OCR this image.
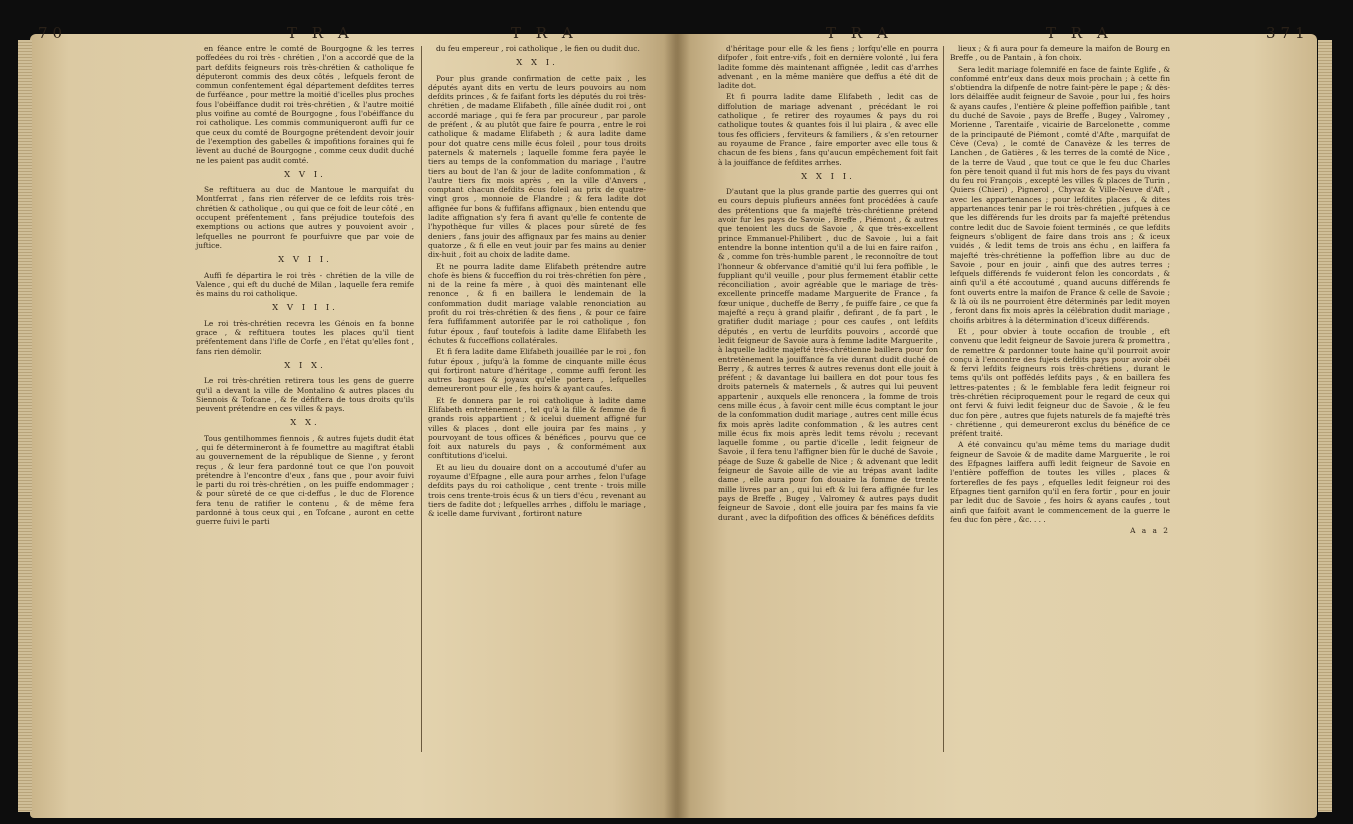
70	T R A	T R A	T R A	T R A	371

en féance entre le comté de Bourgogne & les terres poffedées du roi très - chrétien , l'on a accordé que de la part defdits feigneurs rois très-chrétien & catholique fe députeront commis des deux côtés , lefquels feront de commun confentement égal département defdites terres de furféance , pour mettre la moitié d'icelles plus proches fous l'obéiffance dudit roi très-chrétien , & l'autre moitié plus voifine au comté de Bourgogne , fous l'obéiffance du roi catholique. Les commis communiqueront auffi fur ce que ceux du comté de Bourgogne prétendent devoir jouir de l'exemption des gabelles & impofitions foraines qui fe lèvent au duché de Bourgogne , comme ceux dudit duché ne les paient pas audit comté.

X V I.

Se reftituera au duc de Mantoue le marquifat du Montferrat , fans rien réferver de ce lefdits rois très-chrétien & catholique , ou qui que ce foit de leur côté , en occupent préfentement , fans préjudice toutefois des exemptions ou actions que autres y pouvoient avoir , lefquelles ne pourront fe pourfuivre que par voie de juftice.

X V I I.

Auffi fe départira le roi très - chrétien de la ville de Valence , qui eft du duché de Milan , laquelle fera remife ès mains du roi catholique.

X V I I I.

Le roi très-chrétien recevra les Génois en fa bonne grace , & reftituera toutes les places qu'il tient préfentement dans l'ifle de Corfe , en l'état qu'elles font , fans rien démolir.

X I X.

Le roi très-chrétien retirera tous les gens de guerre qu'il a devant la ville de Montalino & autres places du Siennois & Tofcane , & fe défiftera de tous droits qu'ils peuvent prétendre en ces villes & pays.

X X.

Tous gentilhommes fiennois , & autres fujets dudit état , qui fe détermineront à fe foumettre au magiftrat établi au gouvernement de la république de Sienne , y feront reçus , & leur fera pardonné tout ce que l'on pouvoit prétendre à l'encontre d'eux , fans que , pour avoir fuivi le parti du roi très-chrétien , on les puiffe endommager ; & pour sûreté de ce que ci-deffus , le duc de Florence fera tenu de ratifier le contenu , & de même fera pardonné à tous ceux qui , en Tofcane , auront en cette guerre fuivi le parti

du feu empereur , roi catholique , le fien ou dudit duc.

X X I.

Pour plus grande confirmation de cette paix , les députés ayant dits en vertu de leurs pouvoirs au nom defdits princes , & fe faifant forts les députés du roi très-chrétien , de madame Elifabeth , fille aînée dudit roi , ont accordé mariage , qui fe fera par procureur , par parole de préfent , & au plutôt que faire fe pourra , entre le roi catholique & madame Elifabeth ; & aura ladite dame pour dot quatre cens mille écus foleil , pour tous droits paternels & maternels ; laquelle fomme fera payée le tiers au temps de la confommation du mariage , l'autre tiers au bout de l'an & jour de ladite confommation , & l'autre tiers fix mois après , en la ville d'Anvers , comptant chacun defdits écus foleil au prix de quatre-vingt gros , monnoie de Flandre ; & fera ladite dot affignée fur bons & fuffifans affignaux , bien entendu que ladite affignation s'y fera fi avant qu'elle fe contente de l'hypothèque fur villes & places pour sûreté de fes deniers , fans jouir des affignaux par fes mains au denier quatorze , & fi elle en veut jouir par fes mains au denier dix-huit , foit au choix de ladite dame.

Et ne pourra ladite dame Elifabeth prétendre autre chofe ès biens & fucceffion du roi très-chrétien fon père , ni de la reine fa mère , à quoi dès maintenant elle renonce , & fi en baillera le lendemain de la confommation dudit mariage valable renonciation au profit du roi très-chrétien & des fiens , & pour ce faire fera fuffifamment autorifée par le roi catholique , fon futur époux , fauf toutefois à ladite dame Elifabeth les échutes & fucceffions collatérales.

Et fi fera ladite dame Elifabeth jouaillée par le roi , fon futur époux , jufqu'à la fomme de cinquante mille écus qui forțiront nature d'héritage , comme auffi feront les autres bagues & joyaux qu'elle portera , lefquelles demeureront pour elle , fes hoirs & ayant caufes.

Et fe donnera par le roi catholique à ladite dame Elifabeth entretènement , tel qu'à la fille & femme de fi grands rois appartient ; & icelui duement affigné fur villes & places , dont elle jouira par fes mains , y pourvoyant de tous offices & bénéfices , pourvu que ce foit aux naturels du pays , & conformément aux conftitutions d'icelui.

Et au lieu du douaire dont on a accoutumé d'ufer au royaume d'Efpagne , elle aura pour arrhes , felon l'ufage defdits pays du roi catholique , cent trente - trois mille trois cens trente-trois écus & un tiers d'écu , revenant au tiers de fadite dot ; lefquelles arrhes , diffolu le mariage , & icelle dame furvivant , fortiront nature

d'héritage pour elle & les fiens ; lorfqu'elle en pourra difpofer , foit entre-vifs , foit en dernière volonté , lui fera ladite fomme dès maintenant affignée , ledit cas d'arrhes advenant , en la même manière que deffus a été dit de ladite dot.

Et fi pourra ladite dame Elifabeth , ledit cas de diffolution de mariage advenant , précédant le roi catholique , fe retirer des royaumes & pays du roi catholique toutes & quantes fois il lui plaira , & avec elle tous fes officiers , ferviteurs & familiers , & s'en retourner au royaume de France , faire emporter avec elle tous & chacun de fes biens , fans qu'aucun empêchement foit fait à la jouiffance de fefdites arrhes.

X X I I.

D'autant que la plus grande partie des guerres qui ont eu cours depuis plufieurs années font procédées à caufe des prétentions que fa majefté très-chrétienne prétend avoir fur les pays de Savoie , Breffe , Piémont , & autres que tenoient les ducs de Savoie , & que très-excellent prince Emmanuel-Philibert , duc de Savoie , lui a fait entendre la bonne intention qu'il a de lui en faire raifon , & , comme fon très-humble parent , le reconnoître de tout l'honneur & obfervance d'amitié qu'il lui fera poffible , le fuppliant qu'il veuille , pour plus fermement établir cette réconciliation , avoir agréable que le mariage de très-excellente princeffe madame Marguerite de France , fa fœur unique , ducheffe de Berry , fe puiffe faire , ce que fa majefté a reçu à grand plaifir , defirant , de fa part , le gratifier dudit mariage ; pour ces caufes , ont lefdits députés , en vertu de leurfdits pouvoirs , accordé que ledit feigneur de Savoie aura à femme ladite Marguerite , à laquelle ladite majefté très-chrétienne baillera pour fon entretènement la jouiffance fa vie durant dudit duché de Berry , & autres terres & autres revenus dont elle jouit à préfent ; & davantage lui baillera en dot pour tous fes droits paternels & maternels , & autres qui lui peuvent appartenir , auxquels elle renoncera , la fomme de trois cens mille écus , à favoir cent mille écus comptant le jour de la confommation dudit mariage , autres cent mille écus fix mois après ladite confommation , & les autres cent mille écus fix mois après ledit tems révolu ; recevant laquelle fomme , ou partie d'icelle , ledit feigneur de Savoie , il fera tenu l'affigner bien fûr le duché de Savoie , péage de Suze & gabelle de Nice ; & advenant que ledit feigneur de Savoie aille de vie au trépas avant ladite dame , elle aura pour fon douaire la fomme de trente mille livres par an , qui lui eft & lui fera affignée fur les pays de Breffe , Bugey , Valromey & autres pays dudit feigneur de Savoie , dont elle jouira par fes mains fa vie durant , avec la difpofition des offices & bénéfices defdits

lieux ; & fi aura pour fa demeure la maifon de Bourg en Breffe , ou de Pantain , à fon choix.

Sera ledit mariage folemnifé en face de fainte Eglife , & confommé entr'eux dans deux mois prochain ; à cette fin s'obtiendra la difpenfe de notre faint-père le pape ; & dès-lors délaiffée audit feigneur de Savoie , pour lui , fes hoirs & ayans caufes , l'entière & pleine poffeffion paifible , tant du duché de Savoie , pays de Breffe , Bugey , Valromey , Morienne , Tarentaife , vicairie de Barcelonette , comme de la principauté de Piémont , comté d'Afte , marquifat de Cève (Ceva) , le comté de Canavèze & les terres de Lanchen , de Gatières , & les terres de la comté de Nice , de la terre de Vaud , que tout ce que le feu duc Charles fon père tenoit quand il fut mis hors de fes pays du vivant du feu roi François , excepté les villes & places de Turin , Quiers (Chieri) , Pignerol , Chyvaz & Ville-Neuve d'Aft , avec les appartenances ; pour lefdites places , & dites appartenances tenir par le roi très-chrétien , jufques à ce que les différends fur les droits par fa majefté prétendus contre ledit duc de Savoie foient terminés , ce que lefdits feigneurs s'obligent de faire dans trois ans ; & iceux vuidés , & ledit tems de trois ans échu , en laiffera fa majefté très-chrétienne la poffeffion libre au duc de Savoie , pour en jouir , ainfi que des autres terres ; lefquels différends fe vuideront felon les concordats , & ainfi qu'il a été accoutumé , quand aucuns différends fe font ouverts entre la maifon de France & celle de Savoie ; & là où ils ne pourroient être déterminés par ledit moyen , feront dans fix mois après la célébration dudit mariage , choifis arbitres à la détermination d'iceux différends.

Et , pour obvier à toute occafion de trouble , eft convenu que ledit feigneur de Savoie jurera & promettra , de remettre & pardonner toute haine qu'il pourroit avoir conçu à l'encontre des fujets defdits pays pour avoir obéi & fervi lefdits feigneurs rois très-chrétiens , durant le tems qu'ils ont poffédés lefdits pays , & en baillera fes lettres-patentes ; & le femblable fera ledit feigneur roi très-chrétien réciproquement pour le regard de ceux qui ont fervi & fuivi ledit feigneur duc de Savoie , & le feu duc fon père , autres que fujets naturels de fa majefté très - chrétienne , qui demeureront exclus du bénéfice de ce préfent traité.

A été convaincu qu'au même tems du mariage dudit feigneur de Savoie & de madite dame Marguerite , le roi des Efpagnes laiffera auffi ledit feigneur de Savoie en l'entière poffeffion de toutes les villes , places & forterefles de fes pays , efquelles ledit feigneur roi des Efpagnes tient garnifon qu'il en fera fortir , pour en jouir par ledit duc de Savoie , fes hoirs & ayans caufes , tout ainfi que faifoit avant le commencement de la guerre le feu duc fon père , &c. . . .

A a a 2
